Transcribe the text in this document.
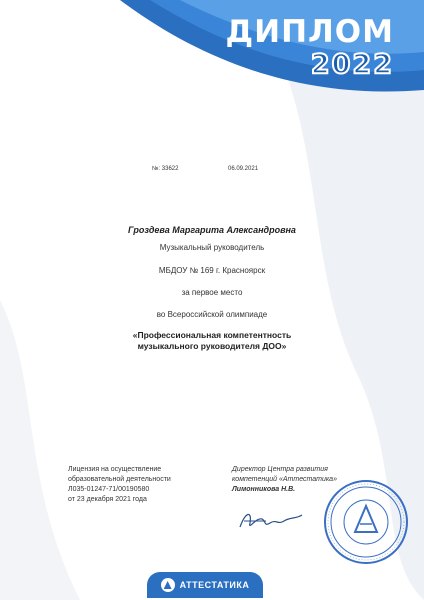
ДИПЛОМ
2022
№: 33622	06.09.2021
Гроздева Маргарита Александровна
Музыкальный руководитель
МБДОУ № 169 г. Красноярск
за первое место
во Всероссийской олимпиаде
«Профессиональная компетентность
музыкального руководителя ДОО»
Лицензия на осуществление
образовательной деятельности
Л035-01247-71/00190580
от 23 декабря 2021 года
Директор Центра развития
компетенций «Аттестатика»
Лимонникова Н.В.
АТТЕСТАТИКА
